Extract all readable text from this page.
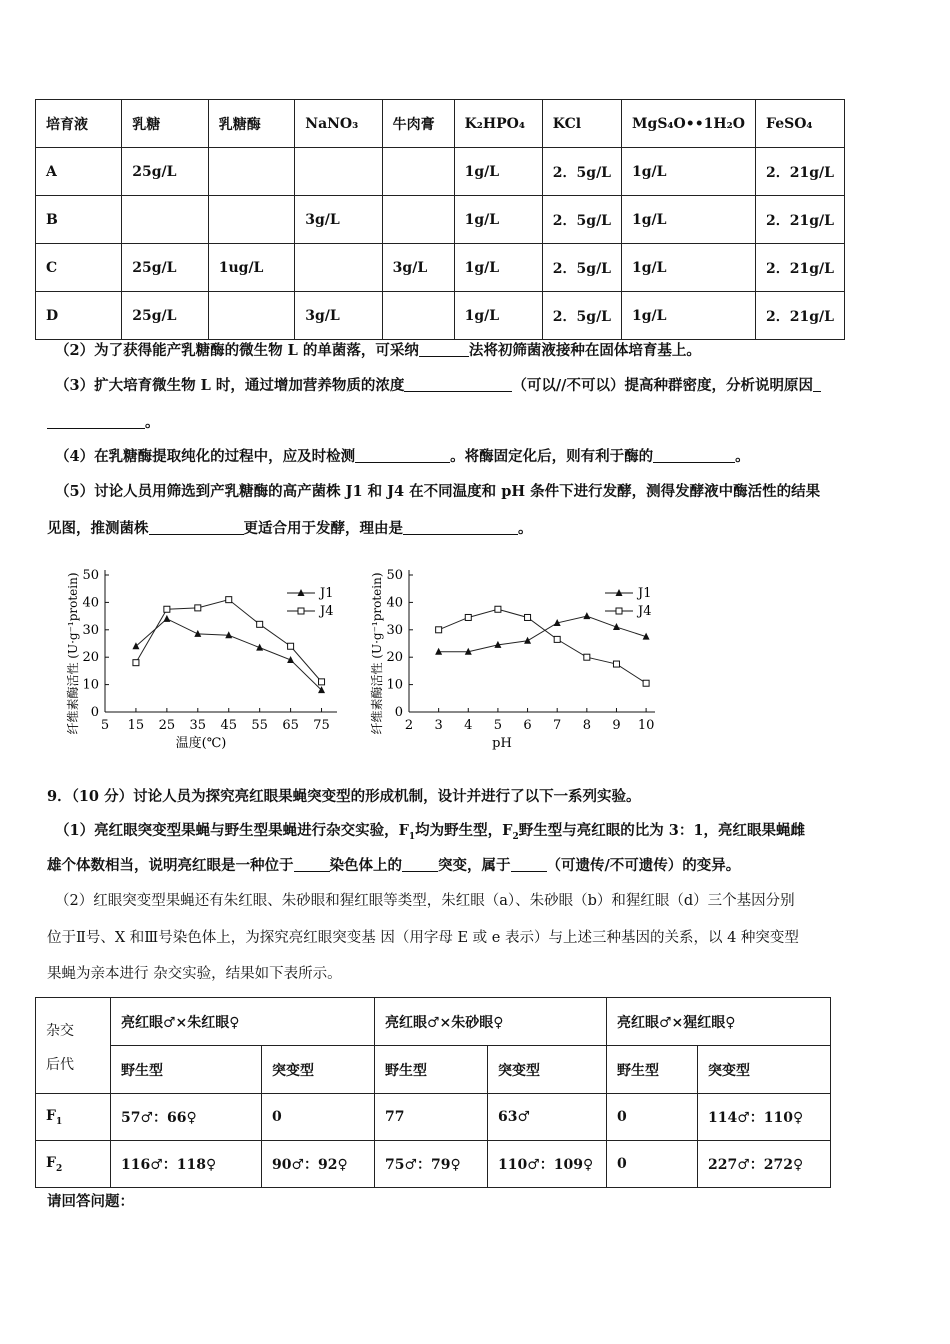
培育液	乳糖	乳糖酶	NaNO₃	牛肉膏	K₂HPO₄	KCl	MgS₄O••1H₂O	FeSO₄
A	25g/L				1g/L	2．5g/L	1g/L	2．21g/L
B			3g/L		1g/L	2．5g/L	1g/L	2．21g/L
C	25g/L	1ug/L		3g/L	1g/L	2．5g/L	1g/L	2．21g/L
D	25g/L		3g/L		1g/L	2．5g/L	1g/L	2．21g/L
（2）为了获得能产乳糖酶的微生物 L 的单菌落，可采纳	法将初筛菌液接种在固体培育基上。
（3）扩大培育微生物 L 时，通过增加营养物质的浓度	（可以//不可以）提高种群密度，分析说明原因
。
（4）在乳糖酶提取纯化的过程中，应及时检测	。将酶固定化后，则有利于酶的	。
（5）讨论人员用筛选到产乳糖酶的高产菌株 J1 和 J4 在不同温度和 pH 条件下进行发酵，测得发酵液中酶活性的结果
见图，推测菌株	更适合用于发酵，理由是	。
0
10
20
30
40
50
5 15 25 35 45 55 65 75
温度(℃)
纤维素酶活性 (U·g⁻¹protein)	J1
J4
0
10
20
30
40
50
2 3 4 5 6 7 8 9 10
pH
纤维素酶活性 (U·g⁻¹protein)	J1
J4
9．（10 分）讨论人员为探究亮红眼果蝇突变型的形成机制，设计并进行了以下一系列实验。
（1）亮红眼突变型果蝇与野生型果蝇进行杂交实验，$F_1$均为野生型，$F_2$野生型与亮红眼的比为 3：1，亮红眼果蝇雌
雄个体数相当，说明亮红眼是一种位于 染色体上的 突变，属于 （可遗传/不可遗传）的变异。
（2）红眼突变型果蝇还有朱红眼、朱砂眼和猩红眼等类型，朱红眼（a）、朱砂眼（b）和猩红眼（d）三个基因分别
位于Ⅱ号、X 和Ⅲ号染色体上，为探究亮红眼突变基 因（用字母 E 或 e 表示）与上述三种基因的关系，以 4 种突变型
果蝇为亲本进行 杂交实验，结果如下表所示。
杂交
后代	亮红眼♂×朱红眼♀		亮红眼♂×朱砂眼♀		亮红眼♂×猩红眼♀	
	野生型	突变型	野生型	突变型	野生型	突变型
$F_1$	57♂：66♀	0	77	63♂	0	114♂：110♀
$F_2$	116♂：118♀	90♂：92♀	75♂：79♀	110♂：109♀	0	227♂：272♀
请回答问题：
